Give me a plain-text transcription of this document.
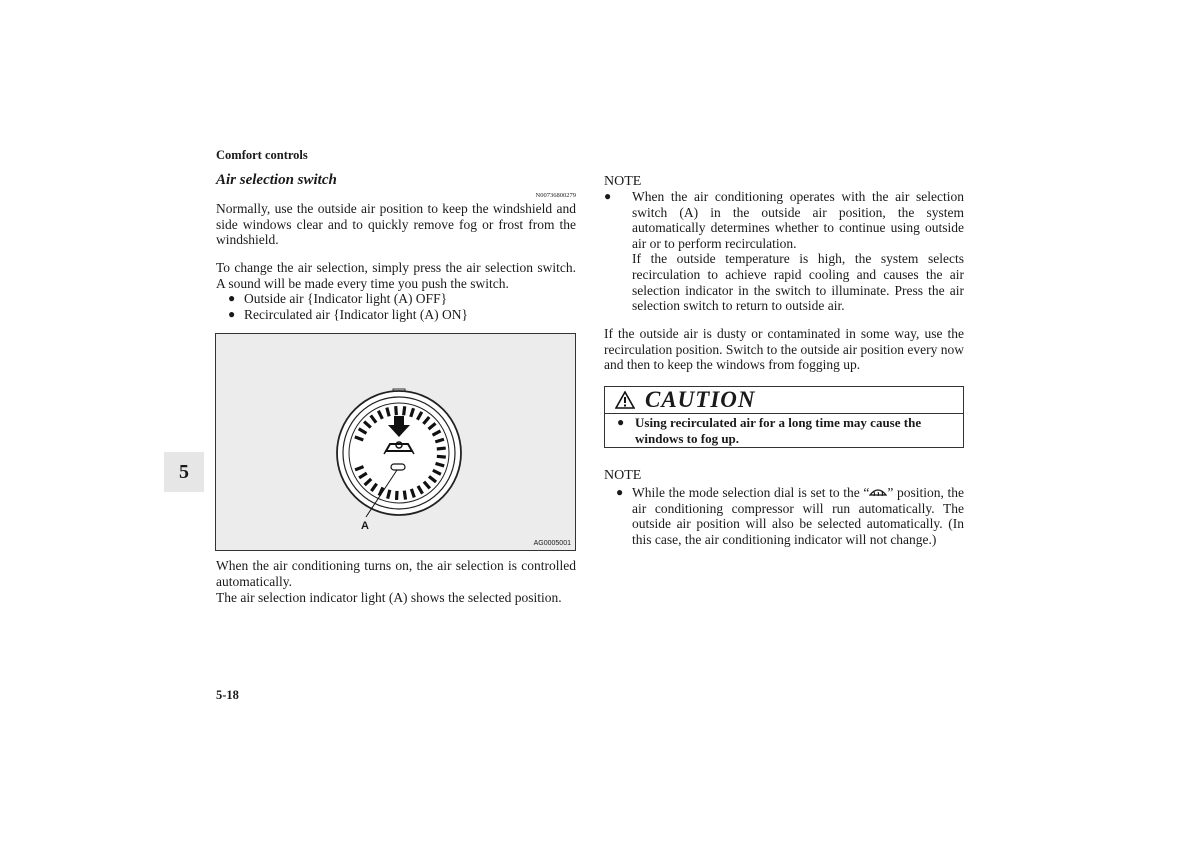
Comfort controls
Air selection switch
N00736800279
Normally, use the outside air position to keep the windshield and side windows clear and to quickly remove fog or frost from the windshield.
To change the air selection, simply press the air selection switch. A sound will be made every time you push the switch.
● Outside air {Indicator light (A) OFF}
● Recirculated air {Indicator light (A) ON}
A
AG0005001
When the air conditioning turns on, the air selection is controlled automatically.
The air selection indicator light (A) shows the selected position.
5
NOTE
● When the air conditioning operates with the air selection switch (A) in the outside air position, the system automatically determines whether to continue using outside air or to perform recirculation.
If the outside temperature is high, the system selects recirculation to achieve rapid cooling and causes the air selection indicator in the switch to illuminate. Press the air selection switch to return to outside air.
If the outside air is dusty or contaminated in some way, use the recirculation position. Switch to the outside air position every now and then to keep the windows from fogging up.
CAUTION
● Using recirculated air for a long time may cause the windows to fog up.
NOTE
● While the mode selection dial is set to the “ ” position, the air conditioning compressor will run automatically. The outside air position will also be selected automatically. (In this case, the air conditioning indicator will not change.)
5-18
